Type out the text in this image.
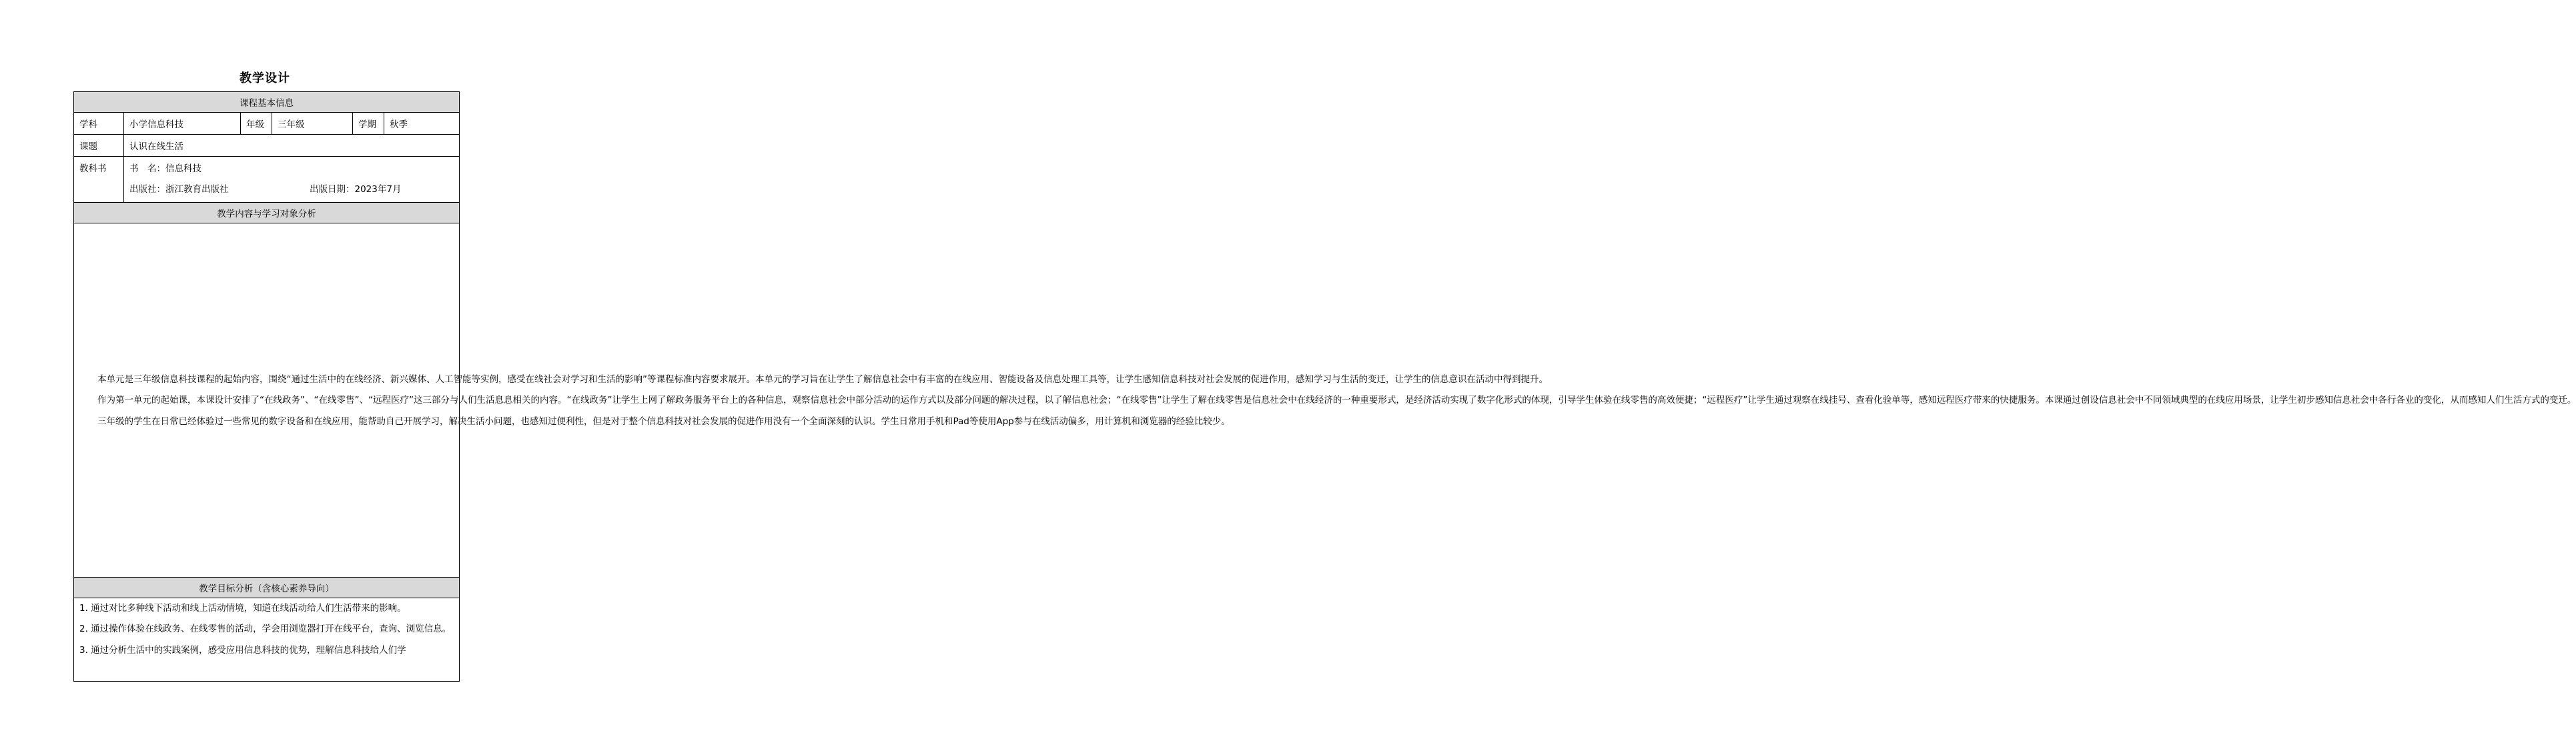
教学设计
课程基本信息					
学科	小学信息科技	年级	三年级	学期	秋季
课题	认识在线生活				
教科书	书　名：信息科技
出版社：浙江教育出版社 出版日期：2023年7月				

教学内容与学习对象分析					

本单元是三年级信息科技课程的起始内容，围绕“通过生活中的在线经济、新兴媒体、人工智能等实例，感受在线社会对学习和生活的影响”等课程标准内容要求展开。本单元的学习旨在让学生了解信息社会中有丰富的在线应用、智能设备及信息处理工具等，让学生感知信息科技对社会发展的促进作用，感知学习与生活的变迁，让学生的信息意识在活动中得到提升。

作为第一单元的起始课，本课设计安排了“在线政务”、“在线零售”、“远程医疗”这三部分与人们生活息息相关的内容。“在线政务”让学生上网了解政务服务平台上的各种信息，观察信息社会中部分活动的运作方式以及部分问题的解决过程，以了解信息社会；“在线零售”让学生了解在线零售是信息社会中在线经济的一种重要形式，是经济活动实现了数字化形式的体现，引导学生体验在线零售的高效便捷；“远程医疗”让学生通过观察在线挂号、查看化验单等，感知远程医疗带来的快捷服务。本课通过创设信息社会中不同领域典型的在线应用场景，让学生初步感知信息社会中各行各业的变化，从而感知人们生活方式的变迁。

三年级的学生在日常已经体验过一些常见的数字设备和在线应用，能帮助自己开展学习，解决生活小问题，也感知过便利性，但是对于整个信息科技对社会发展的促进作用没有一个全面深刻的认识。学生日常用手机和Pad等使用App参与在线活动偏多，用计算机和浏览器的经验比较少。					

教学目标分析（含核心素养导向）					

1. 通过对比多种线下活动和线上活动情境，知道在线活动给人们生活带来的影响。

2. 通过操作体验在线政务、在线零售的活动，学会用浏览器打开在线平台，查询、浏览信息。

3. 通过分析生活中的实践案例，感受应用信息科技的优势，理解信息科技给人们学					
